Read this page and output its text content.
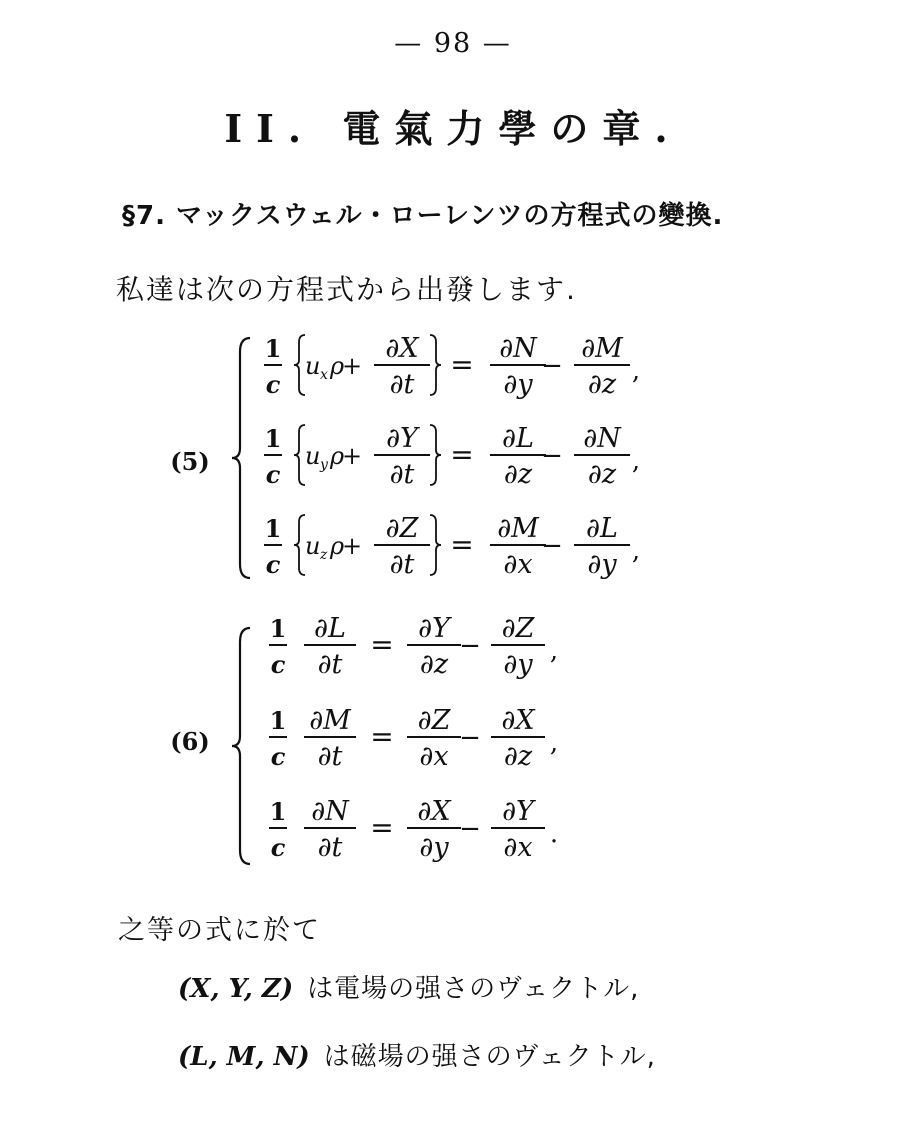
— 98 —
II. 電氣力學の章.
§7. マックスウェル・ローレンツの方程式の變換.
私達は次の方程式から出發します.
(5)
1
c
u x ρ
+
∂X
∂t
= ∂N
∂y
−
∂M
∂z ,
1
c
u y ρ
+
∂Y
∂t
= ∂L
∂z
−
∂N
∂z ,
1
c
u z ρ
+
∂Z
∂t
= ∂M
∂x
−
∂L
∂y ,
(6)
1
c
∂L
∂t
= ∂Y
∂z
−
∂Z
∂y ,
1
c
∂M
∂t
= ∂Z
∂x
−
∂X
∂z ,
1
c
∂N
∂t
= ∂X
∂y
−
∂Y
∂x .
之等の式に於て
(X, Y, Z) は電場の强さのヴェクトル,
(L, M, N) は磁場の强さのヴェクトル,
